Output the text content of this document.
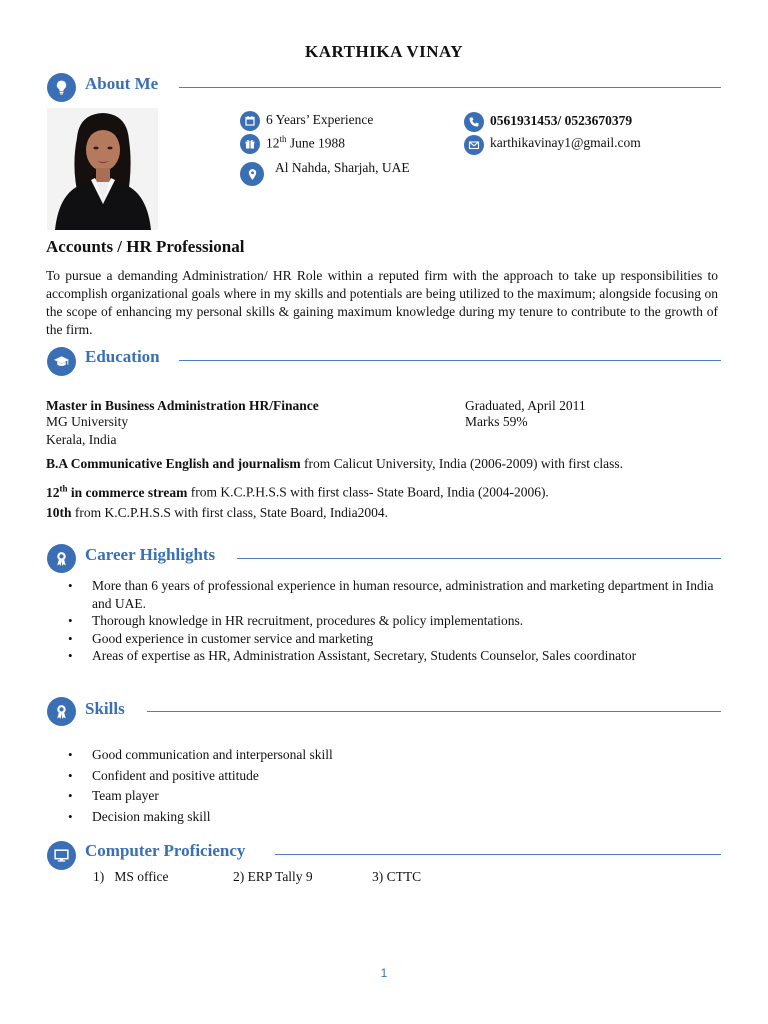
KARTHIKA VINAY
About Me
6 Years’ Experience
12th June 1988
Al Nahda, Sharjah, UAE
0561931453/ 0523670379
karthikavinay1@gmail.com
Accounts / HR Professional
To pursue a demanding Administration/ HR Role within a reputed firm with the approach to take up responsibilities to accomplish organizational goals where in my skills and potentials are being utilized to the maximum; alongside focusing on the scope of enhancing my personal skills & gaining maximum knowledge during my tenure to contribute to the growth of the firm.
Education
Master in Business Administration HR/Finance
MG University
Kerala, India
Graduated, April 2011
Marks 59%
B.A Communicative English and journalism from Calicut University, India (2006-2009) with first class.
12th in commerce stream from K.C.P.H.S.S with first class- State Board, India (2004-2006).
10th from K.C.P.H.S.S with first class, State Board, India2004.
Career Highlights
• More than 6 years of professional experience in human resource, administration and marketing department in India and UAE.
• Thorough knowledge in HR recruitment, procedures & policy implementations.
• Good experience in customer service and marketing
• Areas of expertise as HR, Administration Assistant, Secretary, Students Counselor, Sales coordinator
Skills
• Good communication and interpersonal skill
• Confident and positive attitude
• Team player
• Decision making skill
Computer Proficiency
1)   MS office	2) ERP Tally 9	3) CTTC
1
